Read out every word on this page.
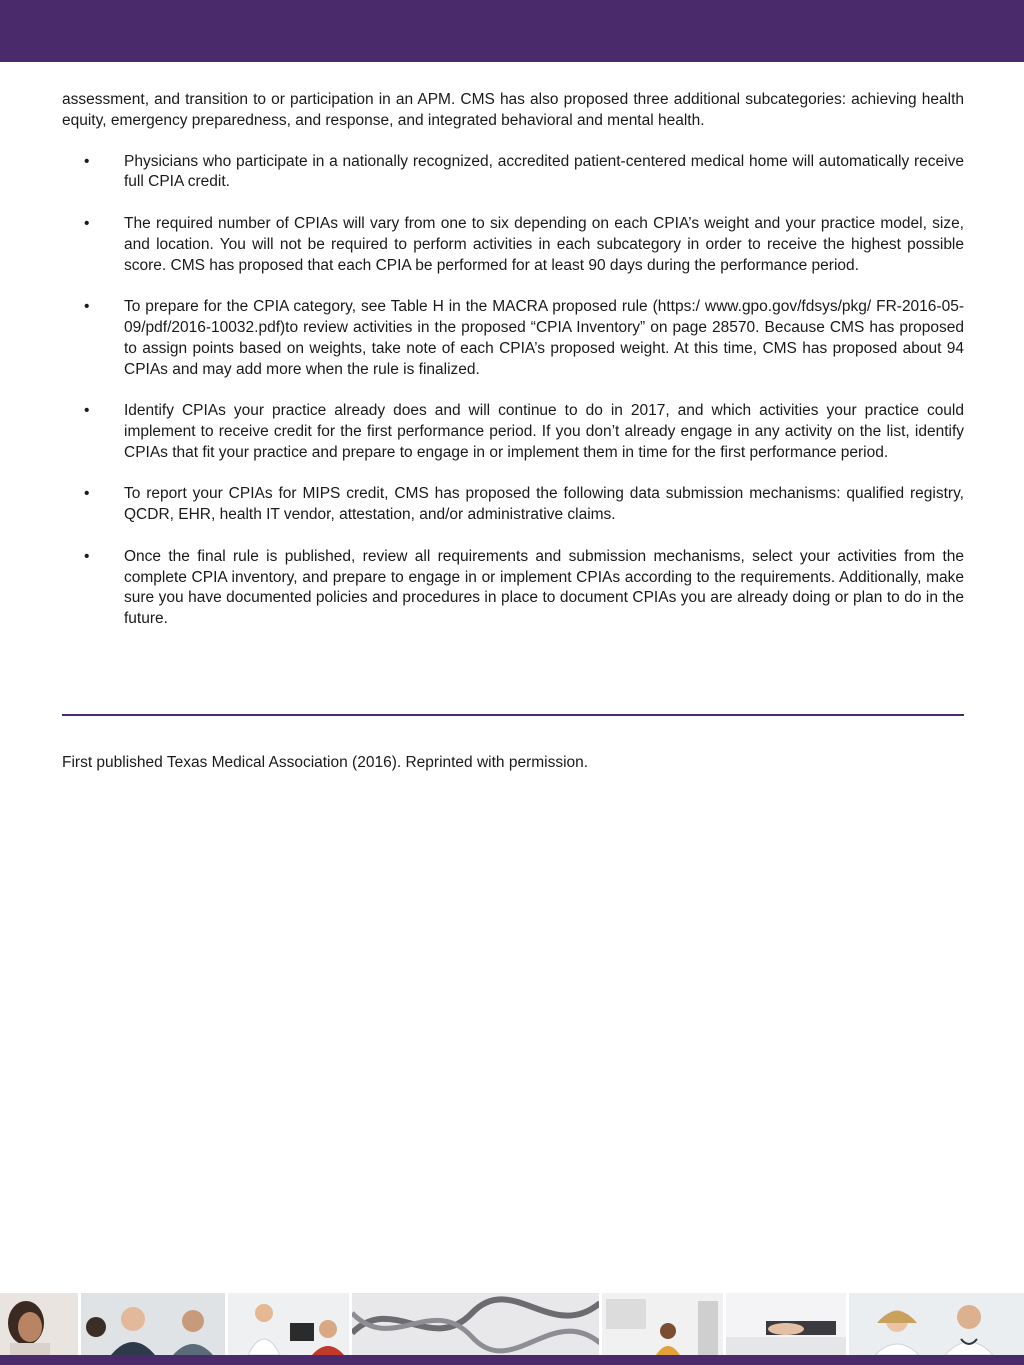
assessment, and transition to or participation in an APM. CMS has also proposed three additional subcategories: achieving health equity, emergency preparedness, and response, and integrated behavioral and mental health.

• Physicians who participate in a nationally recognized, accredited patient-centered medical home will automatically receive full CPIA credit.
• The required number of CPIAs will vary from one to six depending on each CPIA’s weight and your practice model, size, and location. You will not be required to perform activities in each subcategory in order to receive the highest possible score. CMS has proposed that each CPIA be performed for at least 90 days during the performance period.
• To prepare for the CPIA category, see Table H in the MACRA proposed rule (https:/ www.gpo.gov/fdsys/pkg/ FR-2016-05-09/pdf/2016-10032.pdf)to review activities in the proposed “CPIA Inventory” on page 28570. Because CMS has proposed to assign points based on weights, take note of each CPIA’s proposed weight. At this time, CMS has proposed about 94 CPIAs and may add more when the rule is finalized.
• Identify CPIAs your practice already does and will continue to do in 2017, and which activities your practice could implement to receive credit for the first performance period. If you don’t already engage in any activity on the list, identify CPIAs that fit your practice and prepare to engage in or implement them in time for the first performance period.
• To report your CPIAs for MIPS credit, CMS has proposed the following data submission mechanisms: qualified registry, QCDR, EHR, health IT vendor, attestation, and/or administrative claims.
• Once the final rule is published, review all requirements and submission mechanisms, select your activities from the complete CPIA inventory, and prepare to engage in or implement CPIAs according to the requirements. Additionally, make sure you have documented policies and procedures in place to document CPIAs you are already doing or plan to do in the future.

First published Texas Medical Association (2016). Reprinted with permission.
